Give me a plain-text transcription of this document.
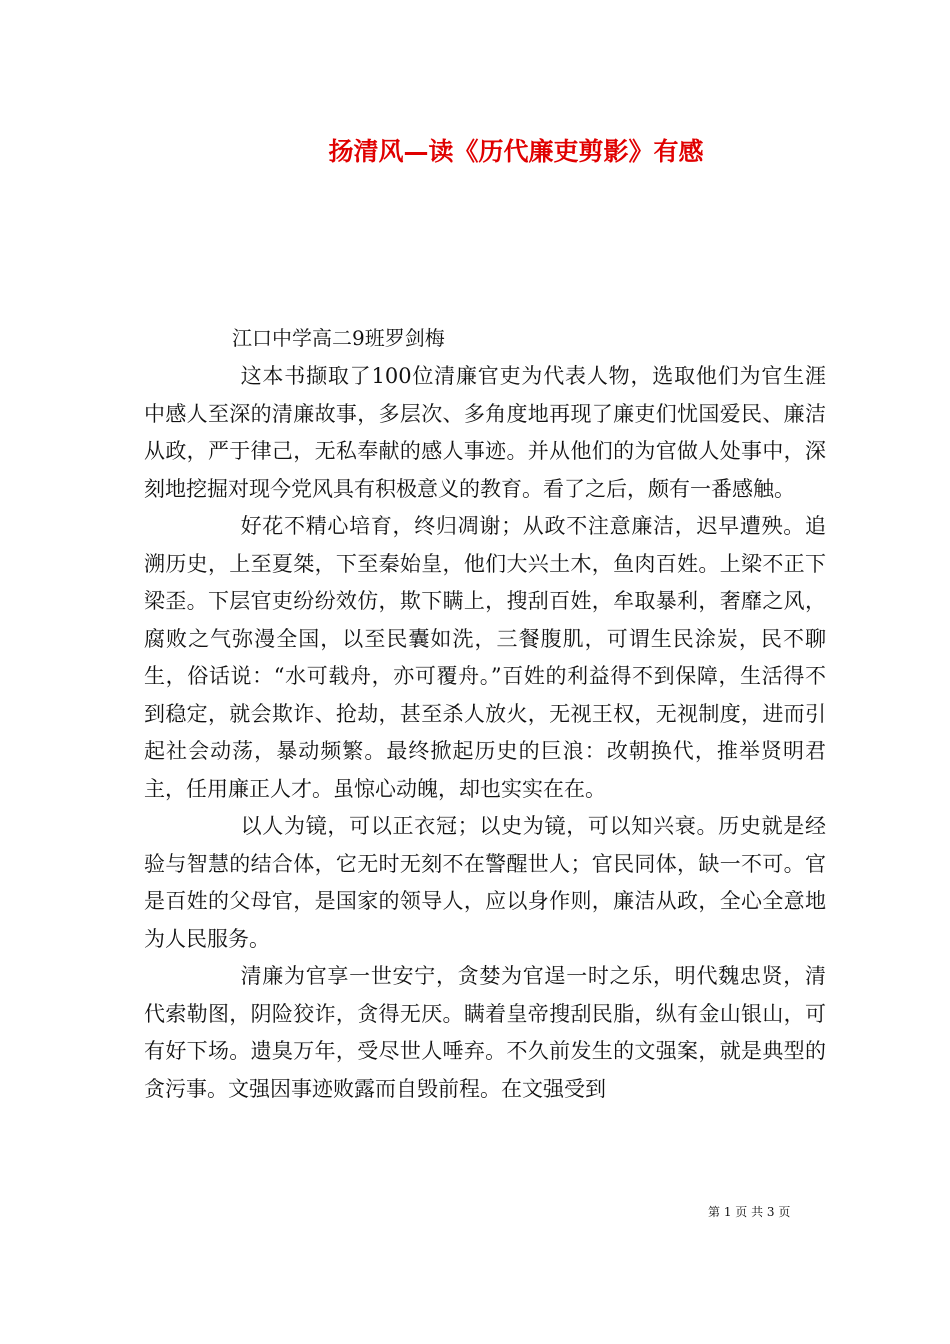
扬清风—读《历代廉吏剪影》有感
江口中学高二9班罗剑梅

这本书撷取了100位清廉官吏为代表人物，选取他们为官生涯中感人至深的清廉故事，多层次、多角度地再现了廉吏们忧国爱民、廉洁从政，严于律己，无私奉献的感人事迹。并从他们的为官做人处事中，深刻地挖掘对现今党风具有积极意义的教育。看了之后，颇有一番感触。

好花不精心培育，终归凋谢；从政不注意廉洁，迟早遭殃。追溯历史，上至夏桀，下至秦始皇，他们大兴土木，鱼肉百姓。上梁不正下梁歪。下层官吏纷纷效仿，欺下瞒上，搜刮百姓，牟取暴利，奢靡之风，腐败之气弥漫全国，以至民囊如洗，三餐腹肌，可谓生民涂炭，民不聊生，俗话说：“水可载舟，亦可覆舟。”百姓的利益得不到保障，生活得不到稳定，就会欺诈、抢劫，甚至杀人放火，无视王权，无视制度，进而引起社会动荡，暴动频繁。最终掀起历史的巨浪：改朝换代，推举贤明君主，任用廉正人才。虽惊心动魄，却也实实在在。

以人为镜，可以正衣冠；以史为镜，可以知兴衰。历史就是经验与智慧的结合体，它无时无刻不在警醒世人；官民同体，缺一不可。官是百姓的父母官，是国家的领导人，应以身作则，廉洁从政，全心全意地为人民服务。

清廉为官享一世安宁，贪婪为官逞一时之乐，明代魏忠贤，清代索勒图，阴险狡诈，贪得无厌。瞒着皇帝搜刮民脂，纵有金山银山，可有好下场。遗臭万年，受尽世人唾弃。不久前发生的文强案，就是典型的贪污事。文强因事迹败露而自毁前程。在文强受到

第 1 页 共 3 页
